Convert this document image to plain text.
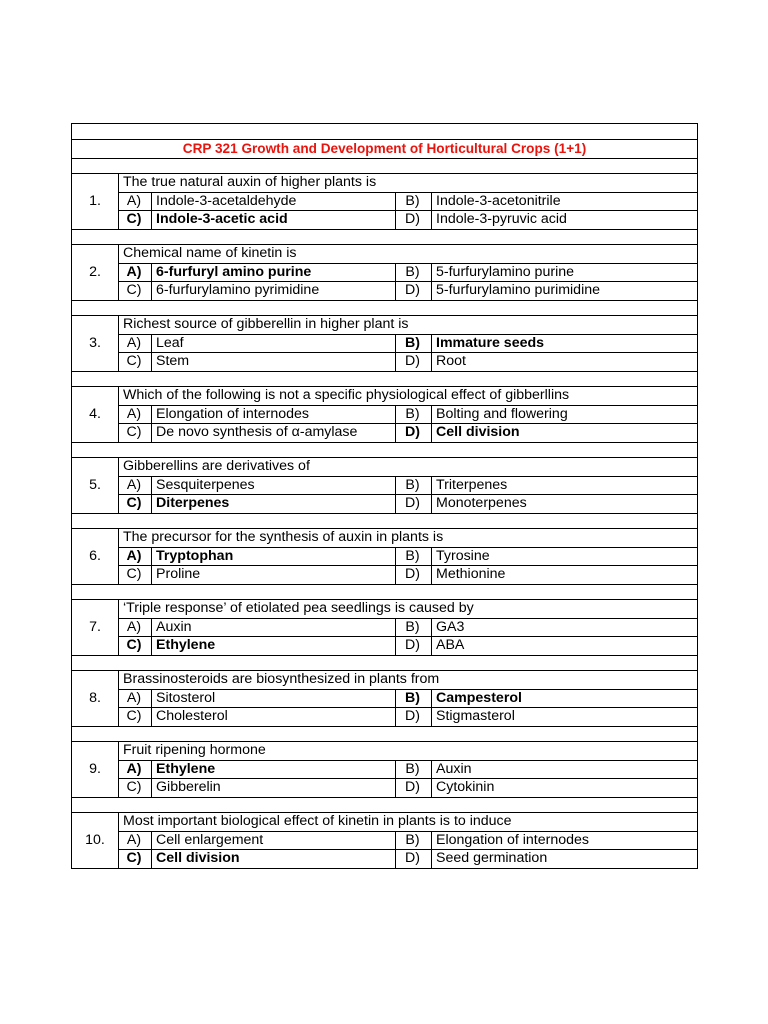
CRP 321 Growth and Development of Horticultural Crops (1+1)				

1.	The true natural auxin of higher plants is			
	A)	Indole-3-acetaldehyde	B)	Indole-3-acetonitrile
	C)	Indole-3-acetic acid	D)	Indole-3-pyruvic acid

2.	Chemical name of kinetin is			
	A)	6-furfuryl amino purine	B)	5-furfurylamino purine
	C)	6-furfurylamino pyrimidine	D)	5-furfurylamino purimidine

3.	Richest source of gibberellin in higher plant is			
	A)	Leaf	B)	Immature seeds
	C)	Stem	D)	Root

4.	Which of the following is not a specific physiological effect of gibberllins			
	A)	Elongation of internodes	B)	Bolting and flowering
	C)	De novo synthesis of α-amylase	D)	Cell division

5.	Gibberellins are derivatives of			
	A)	Sesquiterpenes	B)	Triterpenes
	C)	Diterpenes	D)	Monoterpenes

6.	The precursor for the synthesis of auxin in plants is			
	A)	Tryptophan	B)	Tyrosine
	C)	Proline	D)	Methionine

7.	‘Triple response’ of etiolated pea seedlings is caused by			
	A)	Auxin	B)	GA3
	C)	Ethylene	D)	ABA

8.	Brassinosteroids are biosynthesized in plants from			
	A)	Sitosterol	B)	Campesterol
	C)	Cholesterol	D)	Stigmasterol

9.	Fruit ripening hormone			
	A)	Ethylene	B)	Auxin
	C)	Gibberelin	D)	Cytokinin

10.	Most important biological effect of kinetin in plants is to induce			
	A)	Cell enlargement	B)	Elongation of internodes
	C)	Cell division	D)	Seed germination
